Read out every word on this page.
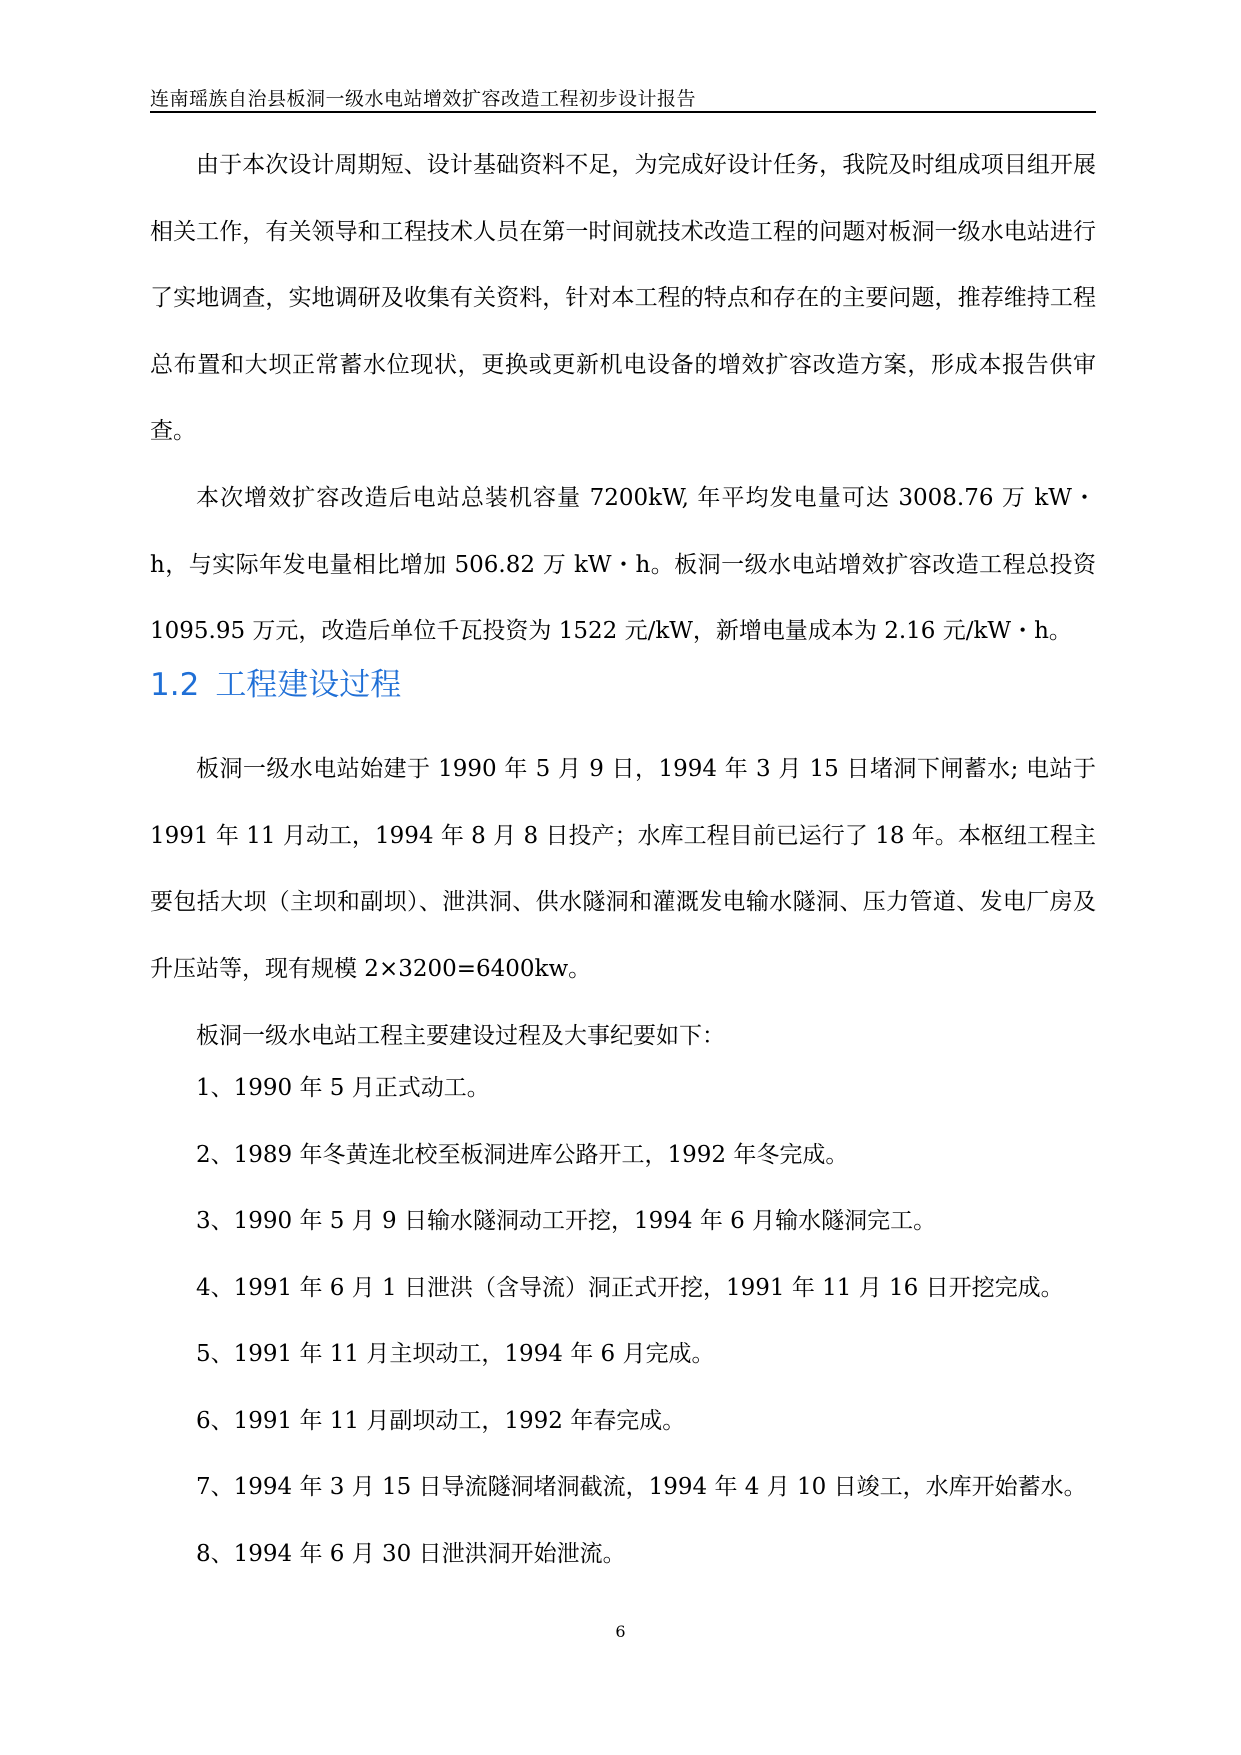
连南瑶族自治县板洞一级水电站增效扩容改造工程初步设计报告

由于本次设计周期短、设计基础资料不足，为完成好设计任务，我院及时组成项目组开展相关工作，有关领导和工程技术人员在第一时间就技术改造工程的问题对板洞一级水电站进行了实地调查，实地调研及收集有关资料，针对本工程的特点和存在的主要问题，推荐维持工程总布置和大坝正常蓄水位现状，更换或更新机电设备的增效扩容改造方案，形成本报告供审查。

本次增效扩容改造后电站总装机容量 7200kW, 年平均发电量可达 3008.76 万 kW・h，与实际年发电量相比增加 506.82 万 kW・h。板洞一级水电站增效扩容改造工程总投资 1095.95 万元，改造后单位千瓦投资为 1522 元/kW，新增电量成本为 2.16 元/kW・h。

1.2 工程建设过程

板洞一级水电站始建于 1990 年 5 月 9 日，1994 年 3 月 15 日堵洞下闸蓄水; 电站于 1991 年 11 月动工，1994 年 8 月 8 日投产；水库工程目前已运行了 18 年。本枢纽工程主要包括大坝（主坝和副坝）、泄洪洞、供水隧洞和灌溉发电输水隧洞、压力管道、发电厂房及升压站等，现有规模 2×3200=6400kw。

板洞一级水电站工程主要建设过程及大事纪要如下：

1、1990 年 5 月正式动工。
2、1989 年冬黄连北校至板洞进库公路开工，1992 年冬完成。
3、1990 年 5 月 9 日输水隧洞动工开挖，1994 年 6 月输水隧洞完工。
4、1991 年 6 月 1 日泄洪（含导流）洞正式开挖，1991 年 11 月 16 日开挖完成。
5、1991 年 11 月主坝动工，1994 年 6 月完成。
6、1991 年 11 月副坝动工，1992 年春完成。
7、1994 年 3 月 15 日导流隧洞堵洞截流，1994 年 4 月 10 日竣工，水库开始蓄水。
8、1994 年 6 月 30 日泄洪洞开始泄流。
6
